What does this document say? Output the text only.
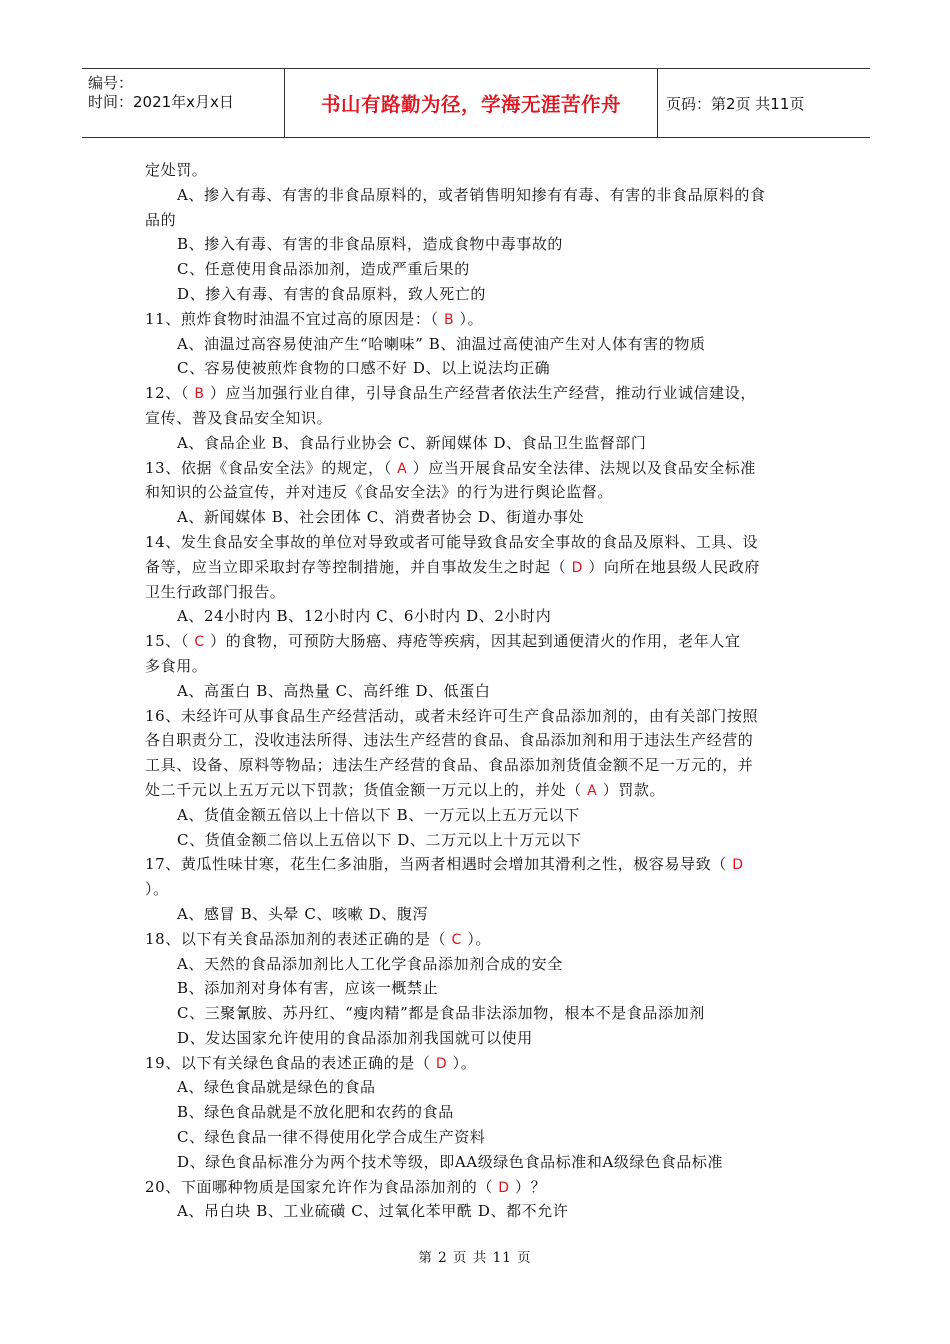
编号：
时间：2021年x月x日	书山有路勤为径，学海无涯苦作舟	页码：第2页 共11页
定处罚。
A、掺入有毒、有害的非食品原料的，或者销售明知掺有有毒、有害的非食品原料的食
品的
B、掺入有毒、有害的非食品原料，造成食物中毒事故的
C、任意使用食品添加剂，造成严重后果的
D、掺入有毒、有害的食品原料，致人死亡的
11、煎炸食物时油温不宜过高的原因是：（ B ）。
A、油温过高容易使油产生“哈喇味” B、油温过高使油产生对人体有害的物质
C、容易使被煎炸食物的口感不好 D、以上说法均正确
12、（ B ）应当加强行业自律，引导食品生产经营者依法生产经营，推动行业诚信建设，
宣传、普及食品安全知识。
A、食品企业 B、食品行业协会 C、新闻媒体 D、食品卫生监督部门
13、依据《食品安全法》的规定，（ A ）应当开展食品安全法律、法规以及食品安全标准
和知识的公益宣传，并对违反《食品安全法》的行为进行舆论监督。
A、新闻媒体 B、社会团体 C、消费者协会 D、街道办事处
14、发生食品安全事故的单位对导致或者可能导致食品安全事故的食品及原料、工具、设
备等，应当立即采取封存等控制措施，并自事故发生之时起（ D ）向所在地县级人民政府
卫生行政部门报告。
A、24小时内 B、12小时内 C、6小时内 D、2小时内
15、（ C ）的食物，可预防大肠癌、痔疮等疾病，因其起到通便清火的作用，老年人宜
多食用。
A、高蛋白 B、高热量 C、高纤维 D、低蛋白
16、未经许可从事食品生产经营活动，或者未经许可生产食品添加剂的，由有关部门按照
各自职责分工，没收违法所得、违法生产经营的食品、食品添加剂和用于违法生产经营的
工具、设备、原料等物品；违法生产经营的食品、食品添加剂货值金额不足一万元的，并
处二千元以上五万元以下罚款；货值金额一万元以上的，并处（ A ）罚款。
A、货值金额五倍以上十倍以下 B、一万元以上五万元以下
C、货值金额二倍以上五倍以下 D、二万元以上十万元以下
17、黄瓜性味甘寒，花生仁多油脂，当两者相遇时会增加其滑利之性，极容易导致（ D
）。
A、感冒 B、头晕 C、咳嗽 D、腹泻
18、以下有关食品添加剂的表述正确的是（ C ）。
A、天然的食品添加剂比人工化学食品添加剂合成的安全
B、添加剂对身体有害，应该一概禁止
C、三聚氰胺、苏丹红、“瘦肉精”都是食品非法添加物，根本不是食品添加剂
D、发达国家允许使用的食品添加剂我国就可以使用
19、以下有关绿色食品的表述正确的是（ D ）。
A、绿色食品就是绿色的食品
B、绿色食品就是不放化肥和农药的食品
C、绿色食品一律不得使用化学合成生产资料
D、绿色食品标准分为两个技术等级，即AA级绿色食品标准和A级绿色食品标准
20、下面哪种物质是国家允许作为食品添加剂的（ D ）？
A、吊白块 B、工业硫磺 C、过氧化苯甲酰 D、都不允许
第 2 页 共 11 页
